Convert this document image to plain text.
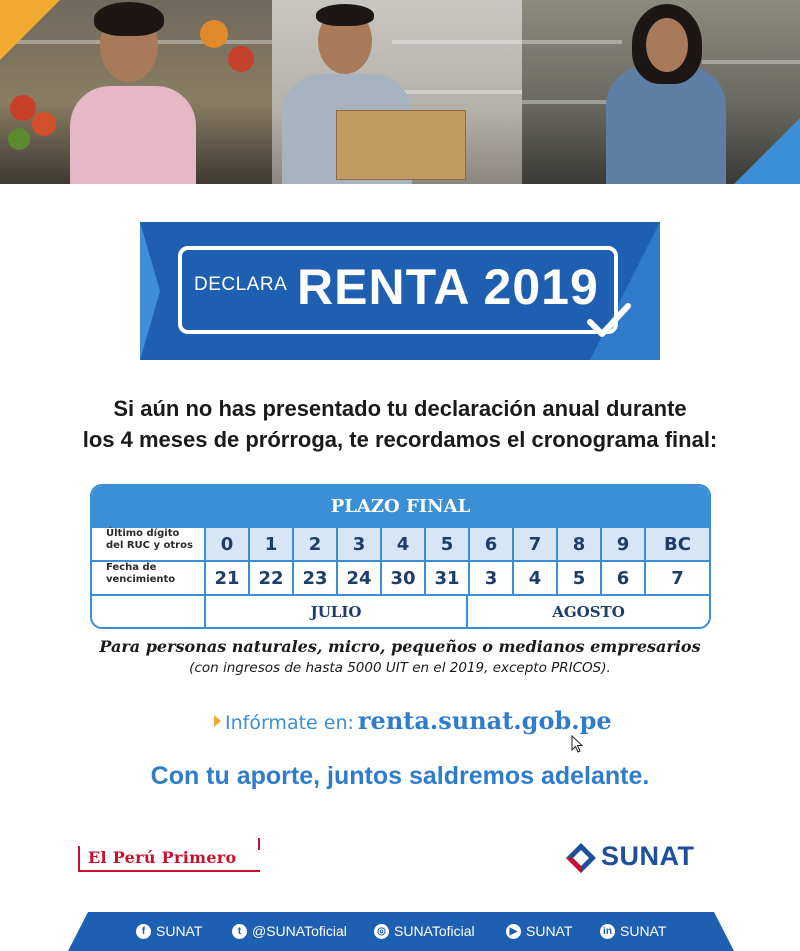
DECLARA RENTA 2019
Si aún no has presentado tu declaración anual durante
los 4 meses de prórroga, te recordamos el cronograma final:
PLAZO FINAL
Último dígito
del RUC y otros	0	1	2	3	4	5	6	7	8	9	BC
Fecha de
vencimiento	21	22	23	24	30	31	3	4	5	6	7
JULIO	AGOSTO
Para personas naturales, micro, pequeños o medianos empresarios
(con ingresos de hasta 5000 UIT en el 2019, excepto PRICOS).
Infórmate en: renta.sunat.gob.pe
Con tu aporte, juntos saldremos adelante.
El Perú Primero	SUNAT
f SUNAT	t @SUNAToficial	◎ SUNAToficial	▶ SUNAT	in SUNAT
